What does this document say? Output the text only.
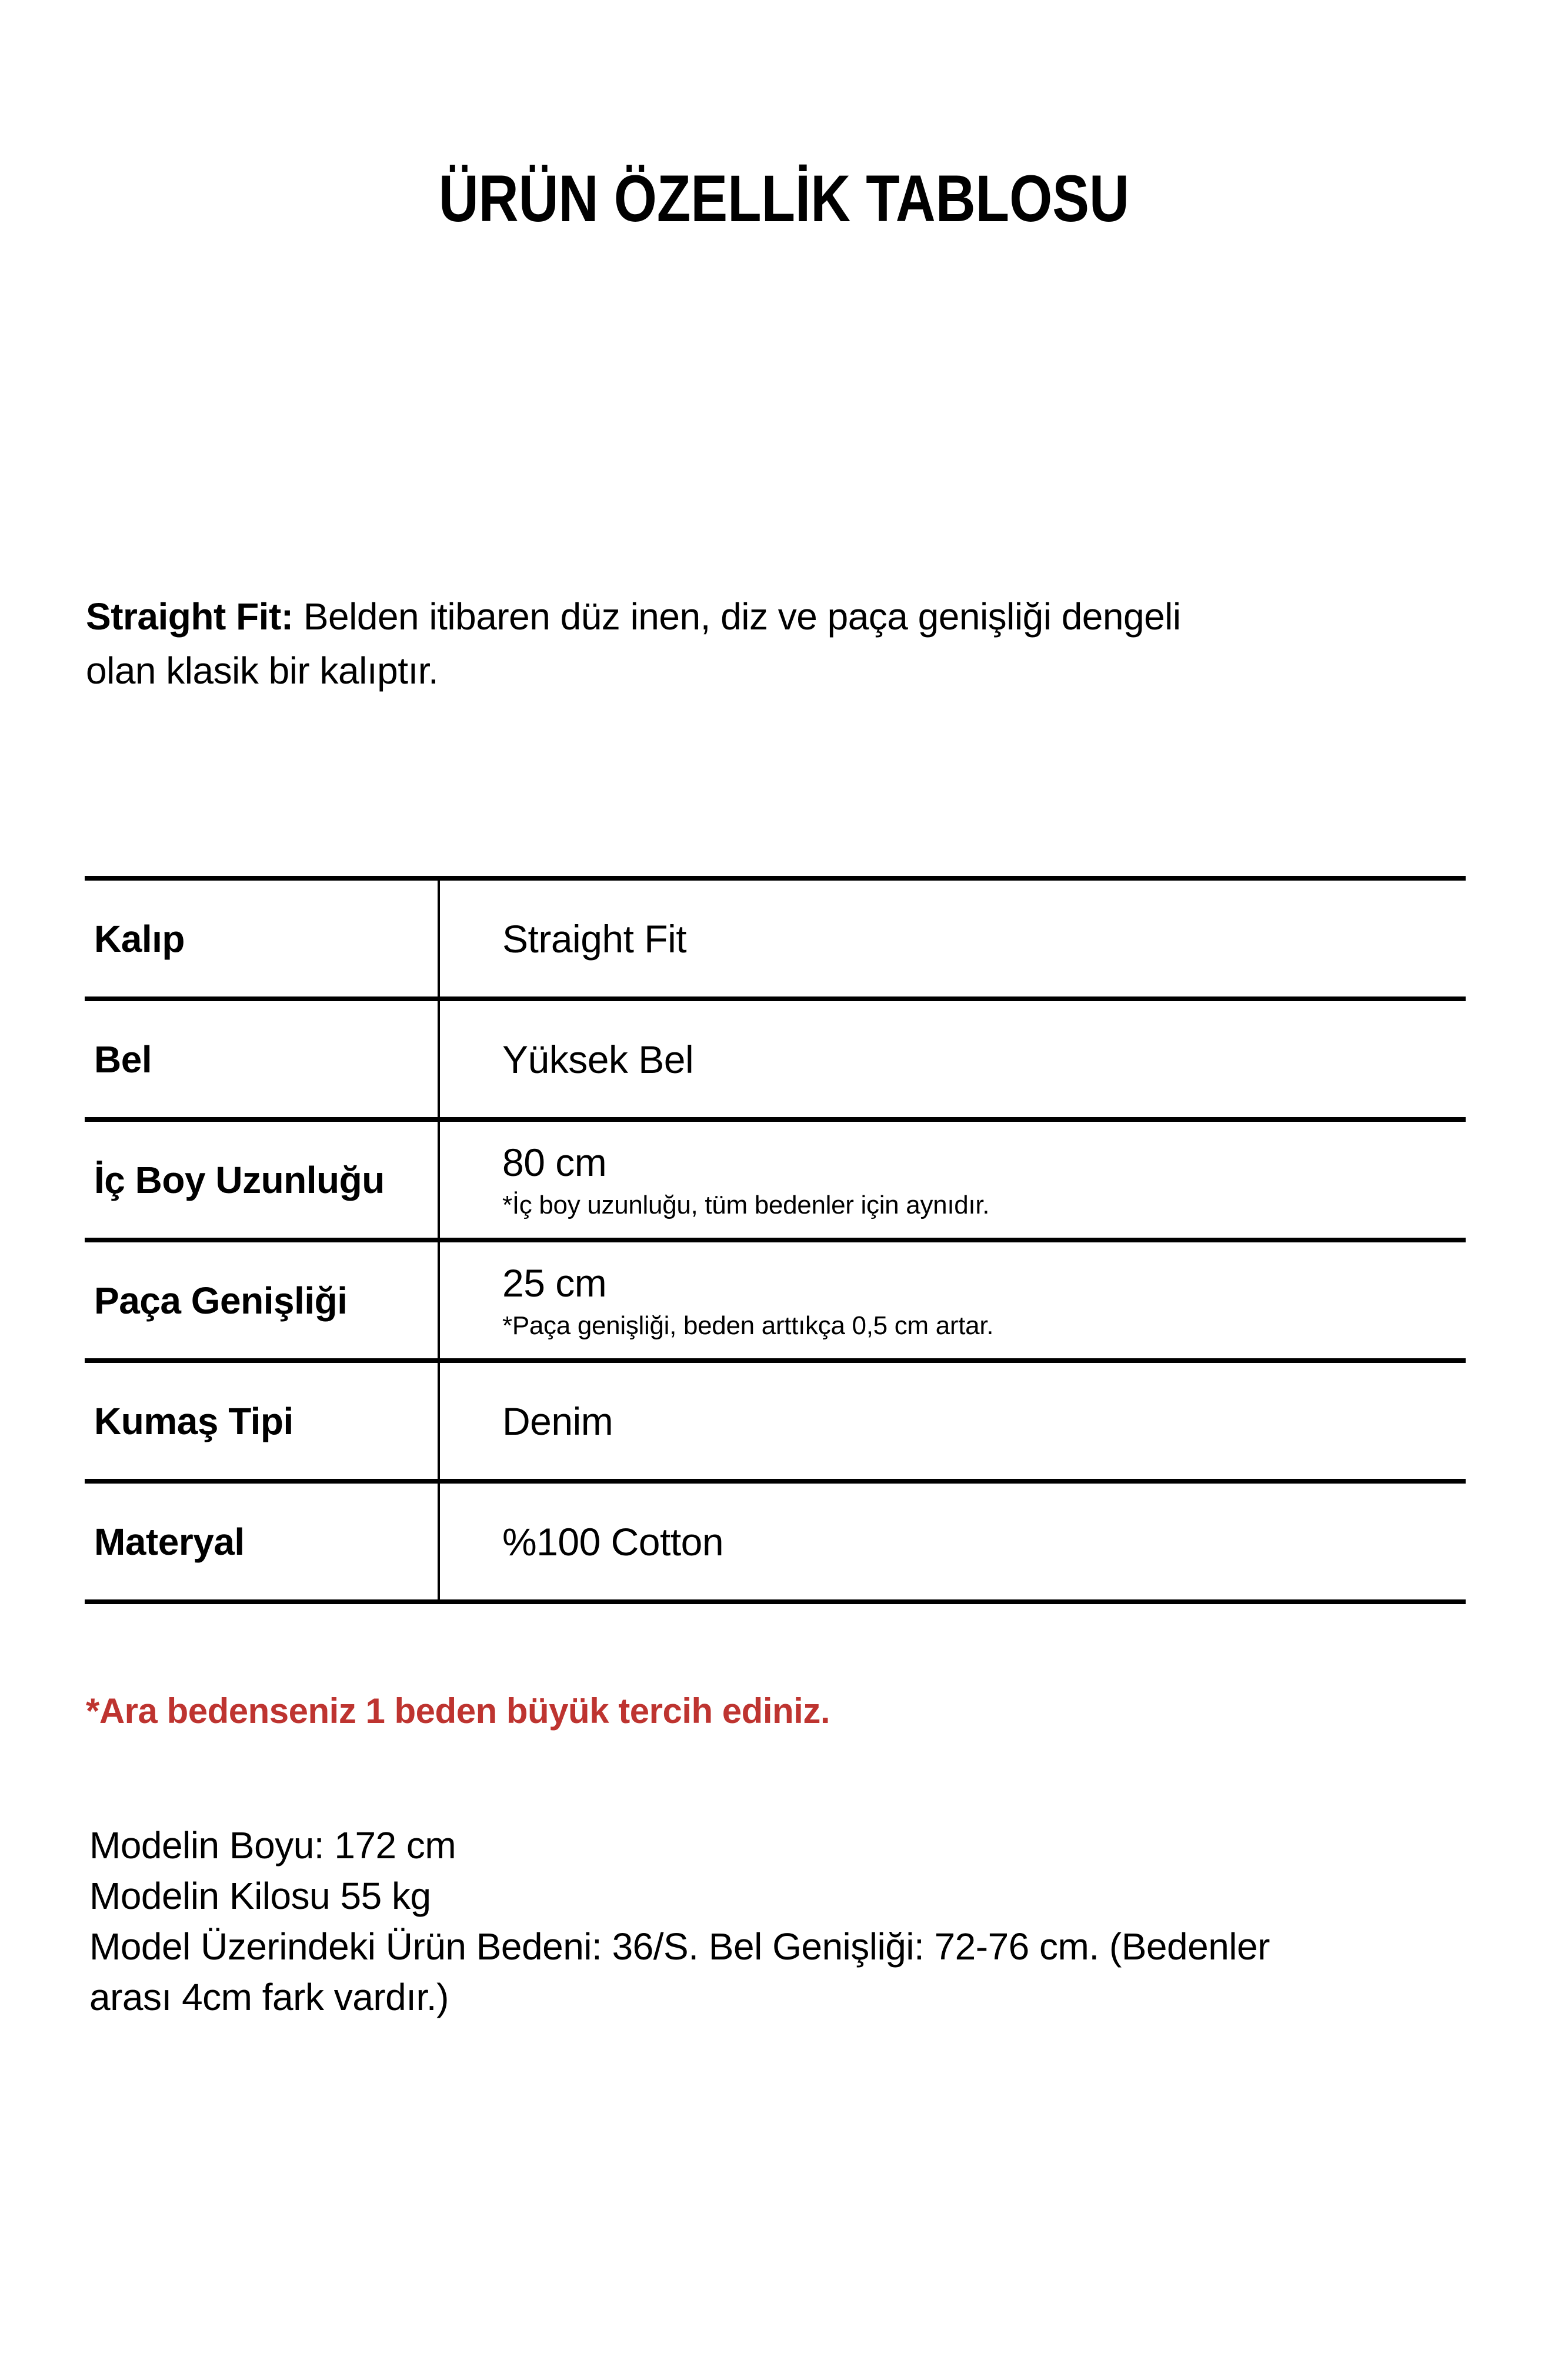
ÜRÜN ÖZELLİK TABLOSU

Straight Fit: Belden itibaren düz inen, diz ve paça genişliği dengeli
olan klasik bir kalıptır.

Kalıp	Straight Fit
Bel	Yüksek Bel
İç Boy Uzunluğu	80 cm
*İç boy uzunluğu, tüm bedenler için aynıdır.
Paça Genişliği	25 cm
*Paça genişliği, beden arttıkça 0,5 cm artar.
Kumaş Tipi	Denim
Materyal	%100 Cotton

*Ara bedenseniz 1 beden büyük tercih ediniz.

Modelin Boyu: 172 cm
Modelin Kilosu 55 kg
Model Üzerindeki Ürün Bedeni: 36/S. Bel Genişliği: 72-76 cm. (Bedenler
arası 4cm fark vardır.)
